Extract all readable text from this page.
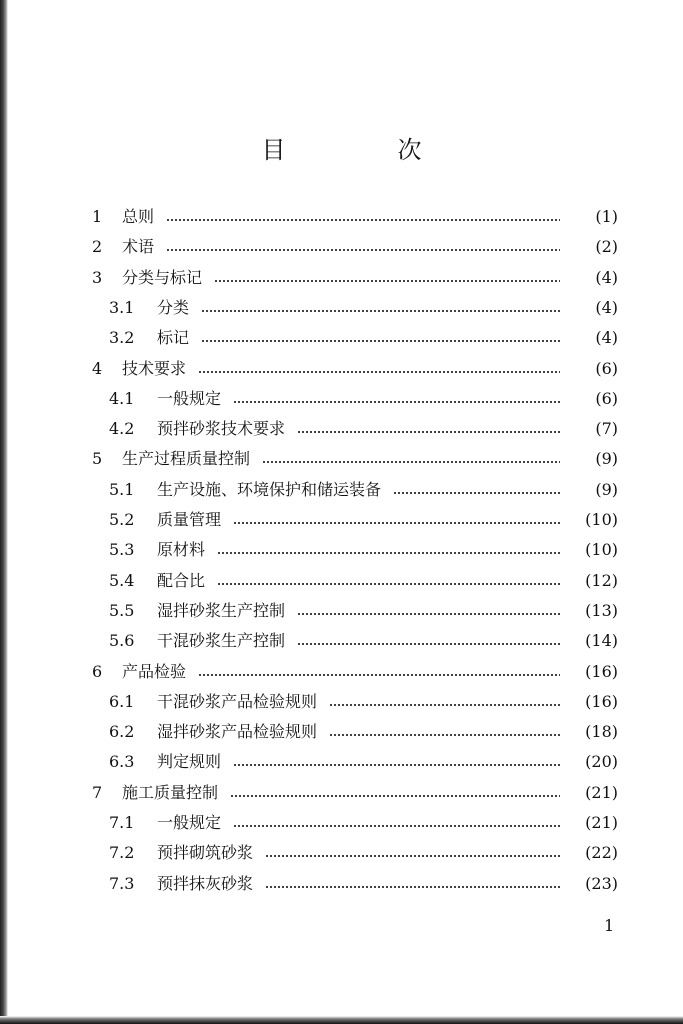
目　次
1	总则	(1)
2	术语	(2)
3	分类与标记	(4)
3.1	分类	(4)
3.2	标记	(4)
4	技术要求	(6)
4.1	一般规定	(6)
4.2	预拌砂浆技术要求	(7)
5	生产过程质量控制	(9)
5.1	生产设施、环境保护和储运装备	(9)
5.2	质量管理	(10)
5.3	原材料	(10)
5.4	配合比	(12)
5.5	湿拌砂浆生产控制	(13)
5.6	干混砂浆生产控制	(14)
6	产品检验	(16)
6.1	干混砂浆产品检验规则	(16)
6.2	湿拌砂浆产品检验规则	(18)
6.3	判定规则	(20)
7	施工质量控制	(21)
7.1	一般规定	(21)
7.2	预拌砌筑砂浆	(22)
7.3	预拌抹灰砂浆	(23)
1
